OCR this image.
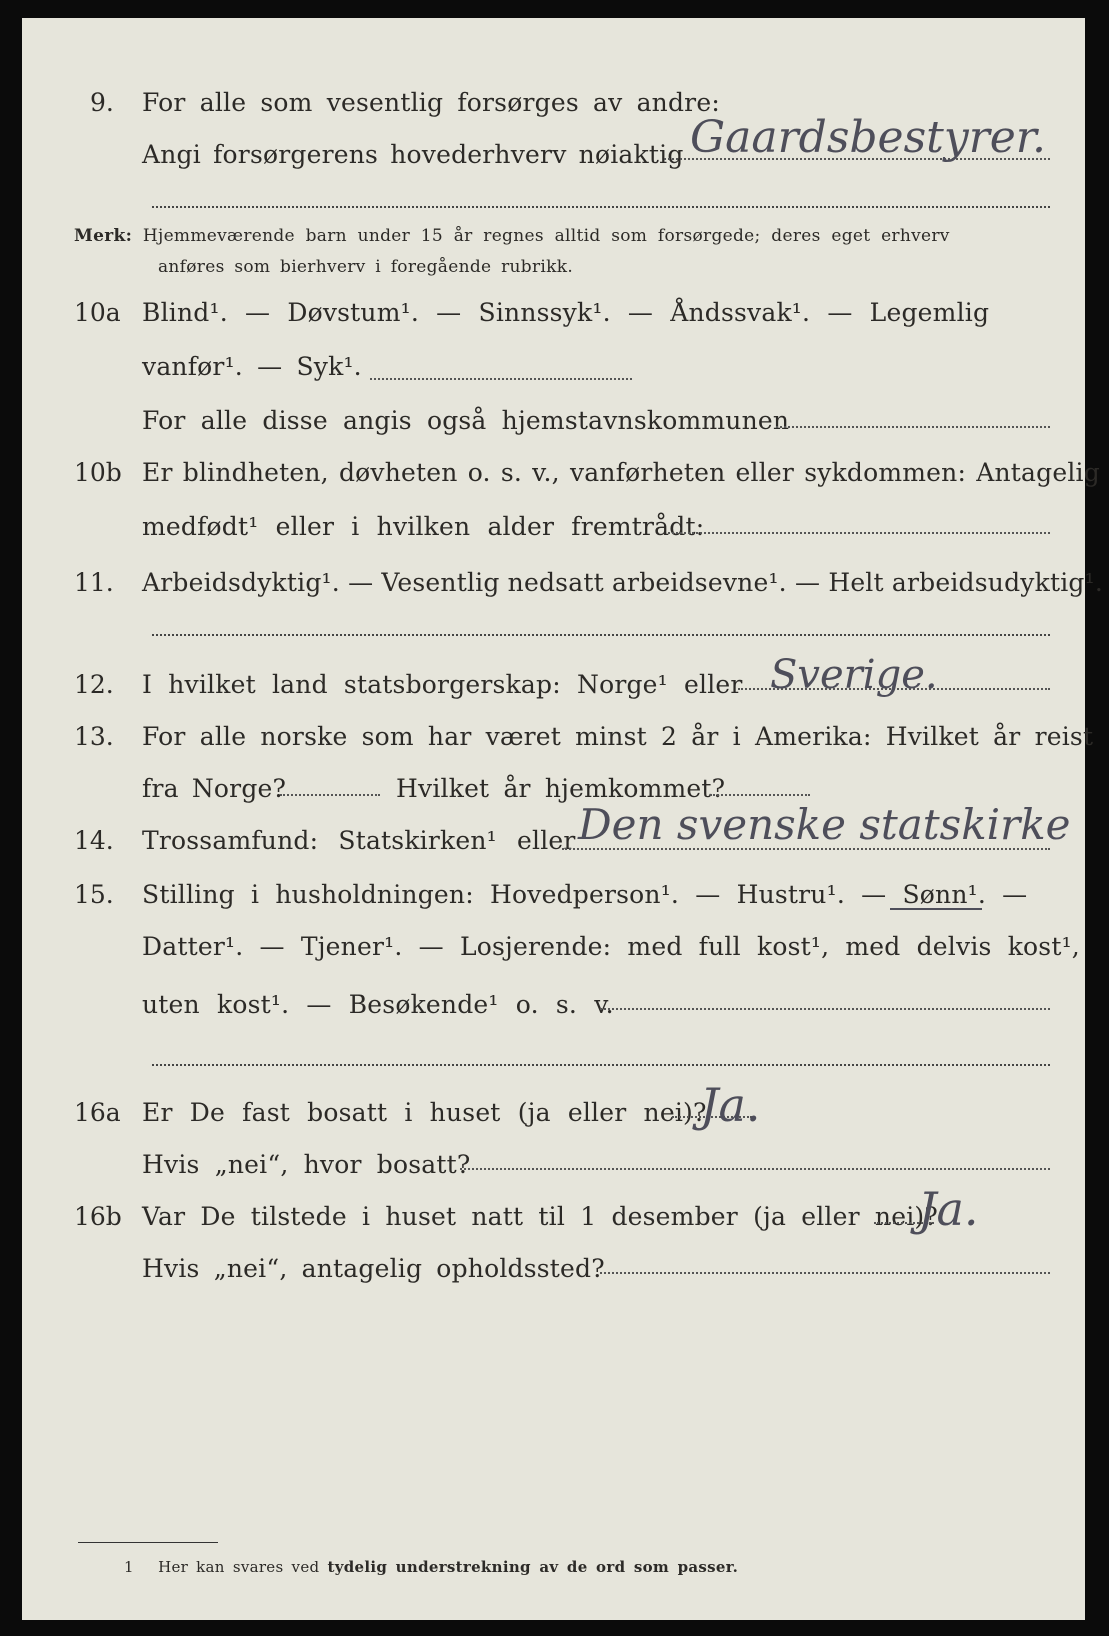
9. For alle som vesentlig forsørges av andre:
Angi forsørgerens hovederhverv nøiaktig Gaardsbestyrer.
Merk: Hjemmeværende barn under 15 år regnes alltid som forsørgede; deres eget erhverv
anføres som bierhverv i foregående rubrikk.
10a Blind¹. — Døvstum¹. — Sinnssyk¹. — Åndssvak¹. — Legemlig
vanfør¹. — Syk¹.
For alle disse angis også hjemstavnskommunen
10b Er blindheten, døvheten o. s. v., vanførheten eller sykdommen: Antagelig
medfødt¹ eller i hvilken alder fremtrådt:
11. Arbeidsdyktig¹. — Vesentlig nedsatt arbeidsevne¹. — Helt arbeidsudyktig¹.
12. I hvilket land statsborgerskap: Norge¹ eller Sverige.
13. For alle norske som har været minst 2 år i Amerika: Hvilket år reist
fra Norge?	Hvilket år hjemkommet?
14. Trossamfund: Statskirken¹ eller Den svenske statskirke
15. Stilling i husholdningen: Hovedperson¹. — Hustru¹. — Sønn¹. —
Datter¹. — Tjener¹. — Losjerende: med full kost¹, med delvis kost¹,
uten kost¹. — Besøkende¹ o. s. v.
16a Er De fast bosatt i huset (ja eller nei)?
Ja.
Hvis „nei“, hvor bosatt?
16b Var De tilstede i huset natt til 1 desember (ja eller nei)?
Ja.
Hvis „nei“, antagelig opholdssted?
1 Her kan svares ved tydelig understrekning av de ord som passer.
